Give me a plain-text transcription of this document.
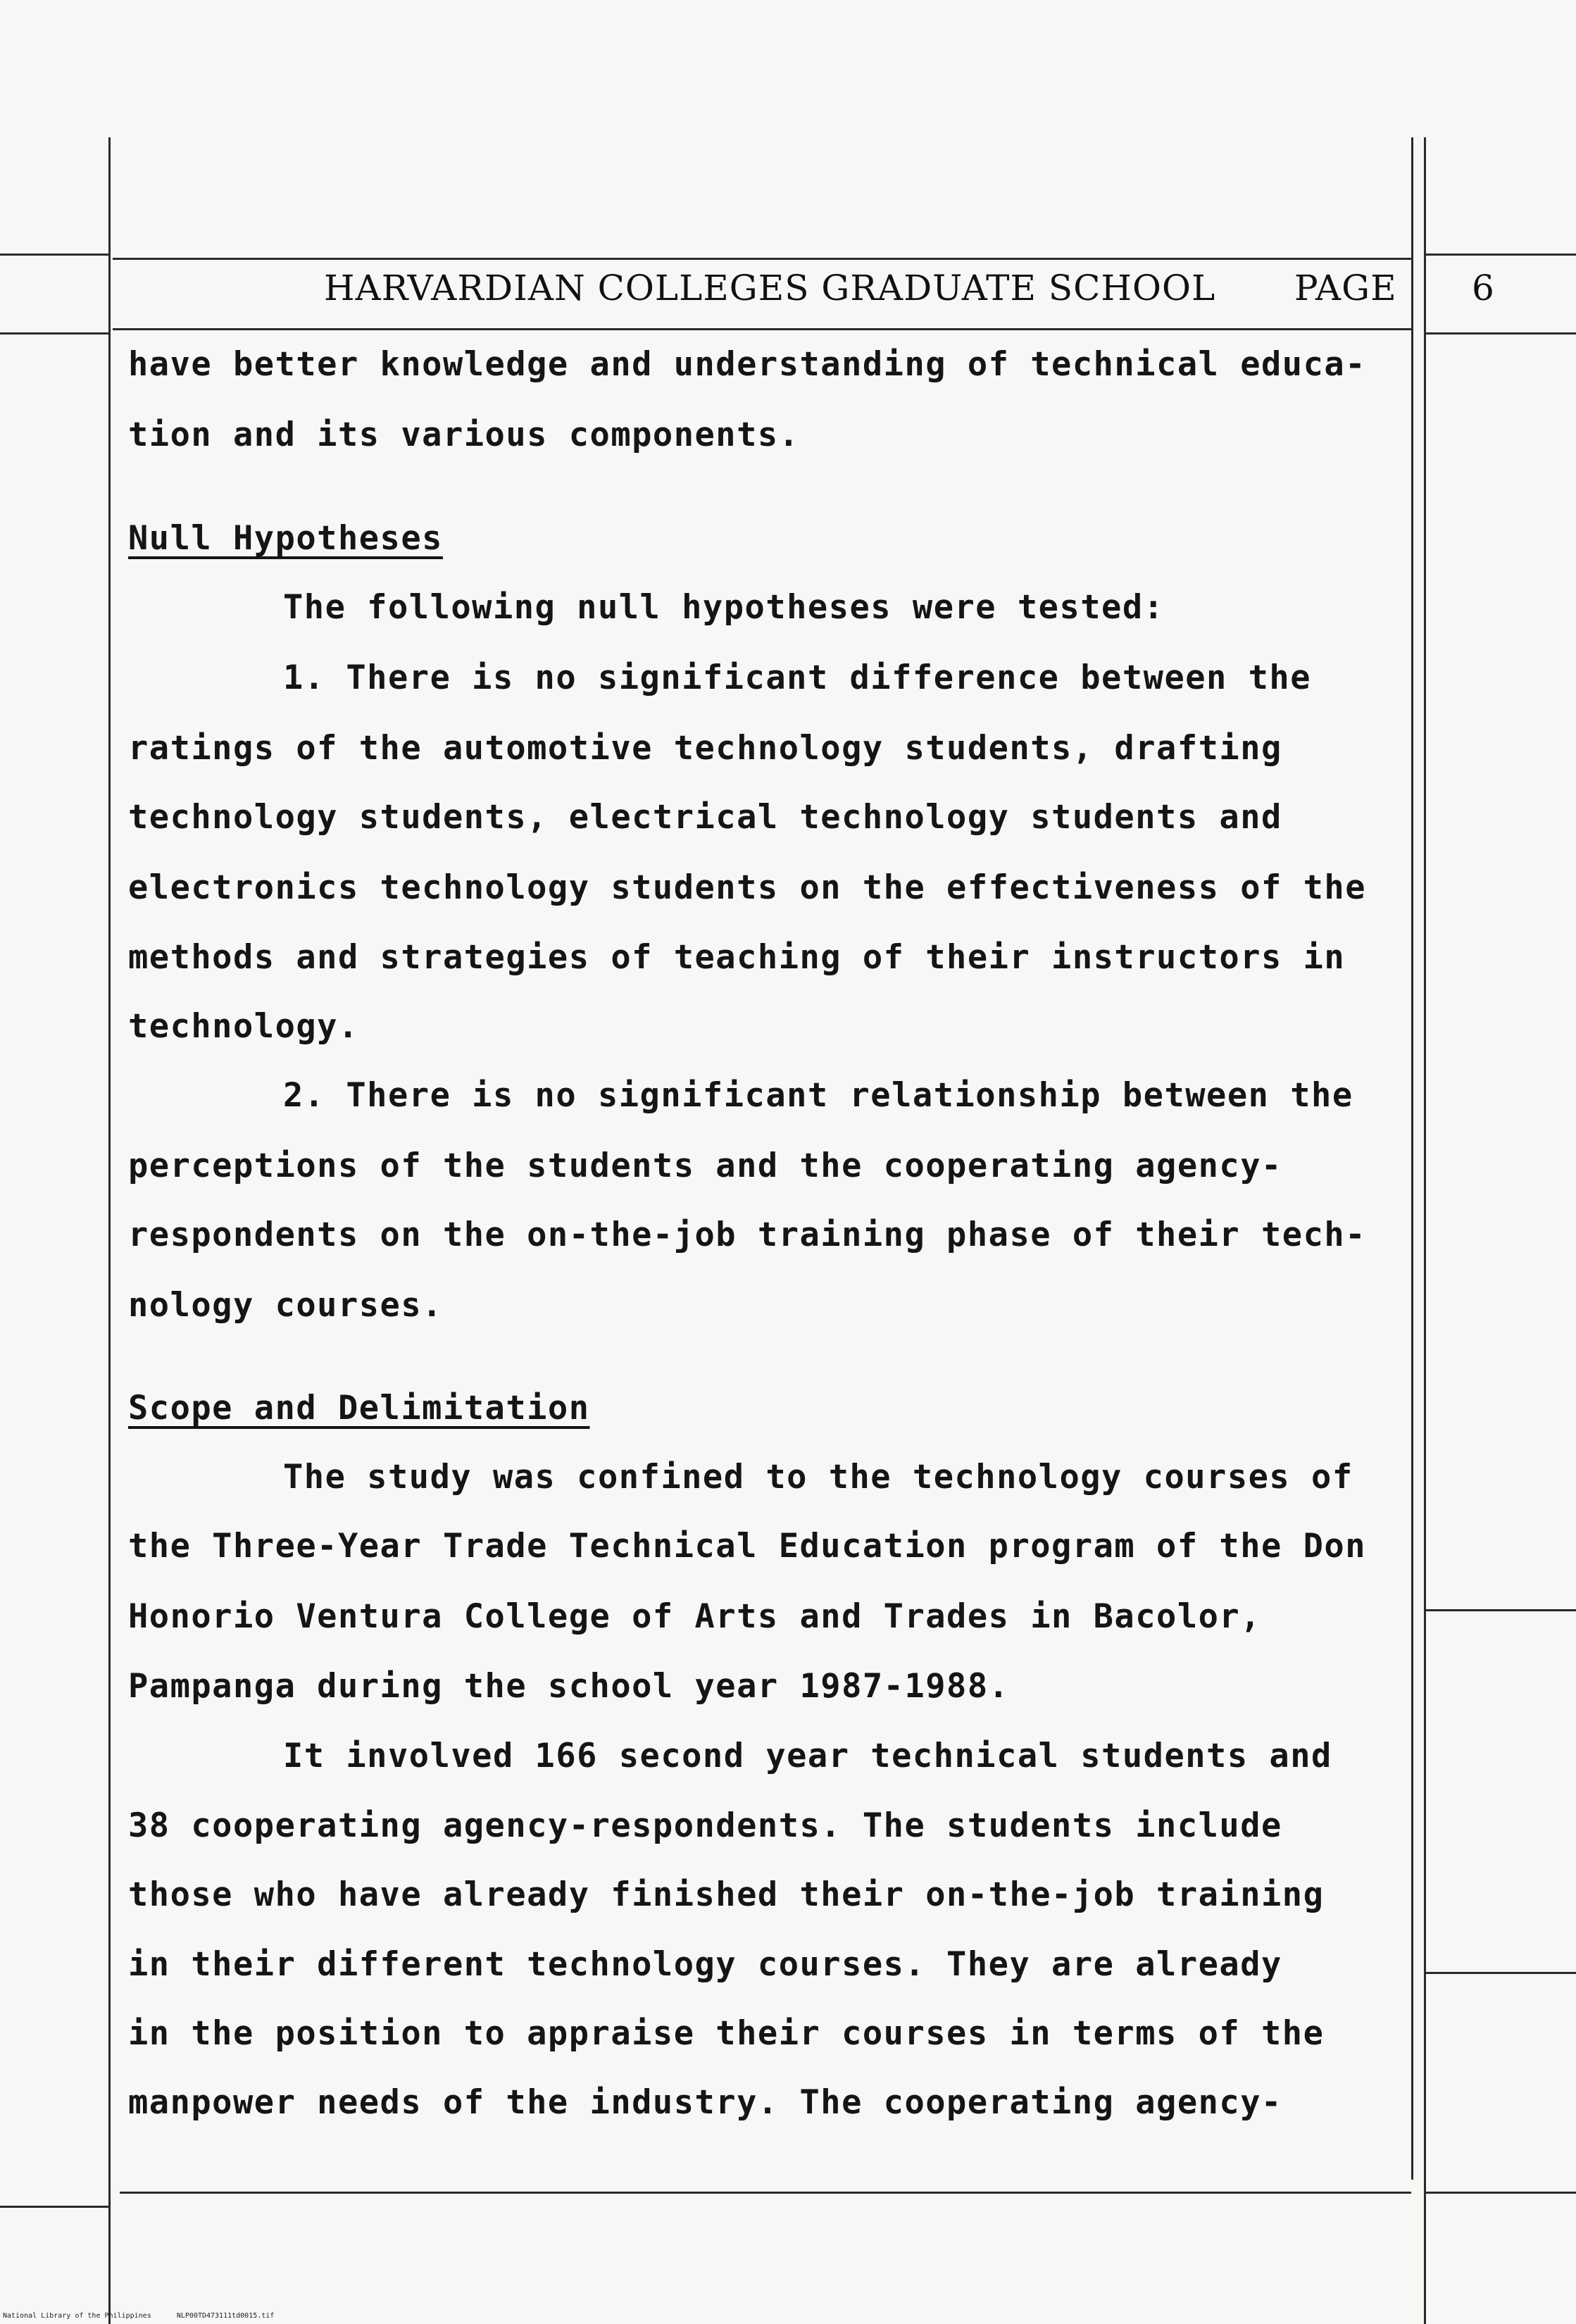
HARVARDIAN COLLEGES GRADUATE SCHOOL PAGE 6
have better knowledge and understanding of technical educa-
tion and its various components.
Null Hypotheses
The following null hypotheses were tested:
1. There is no significant difference between the
ratings of the automotive technology students, drafting
technology students, electrical technology students and
electronics technology students on the effectiveness of the
methods and strategies of teaching of their instructors in
technology.
2. There is no significant relationship between the
perceptions of the students and the cooperating agency-
respondents on the on-the-job training phase of their tech-
nology courses.
Scope and Delimitation
The study was confined to the technology courses of
the Three-Year Trade Technical Education program of the Don
Honorio Ventura College of Arts and Trades in Bacolor,
Pampanga during the school year 1987-1988.
It involved 166 second year technical students and
38 cooperating agency-respondents. The students include
those who have already finished their on-the-job training
in their different technology courses. They are already
in the position to appraise their courses in terms of the
manpower needs of the industry. The cooperating agency-
National Library of the Philippines	NLP00TD473111td0015.tif
